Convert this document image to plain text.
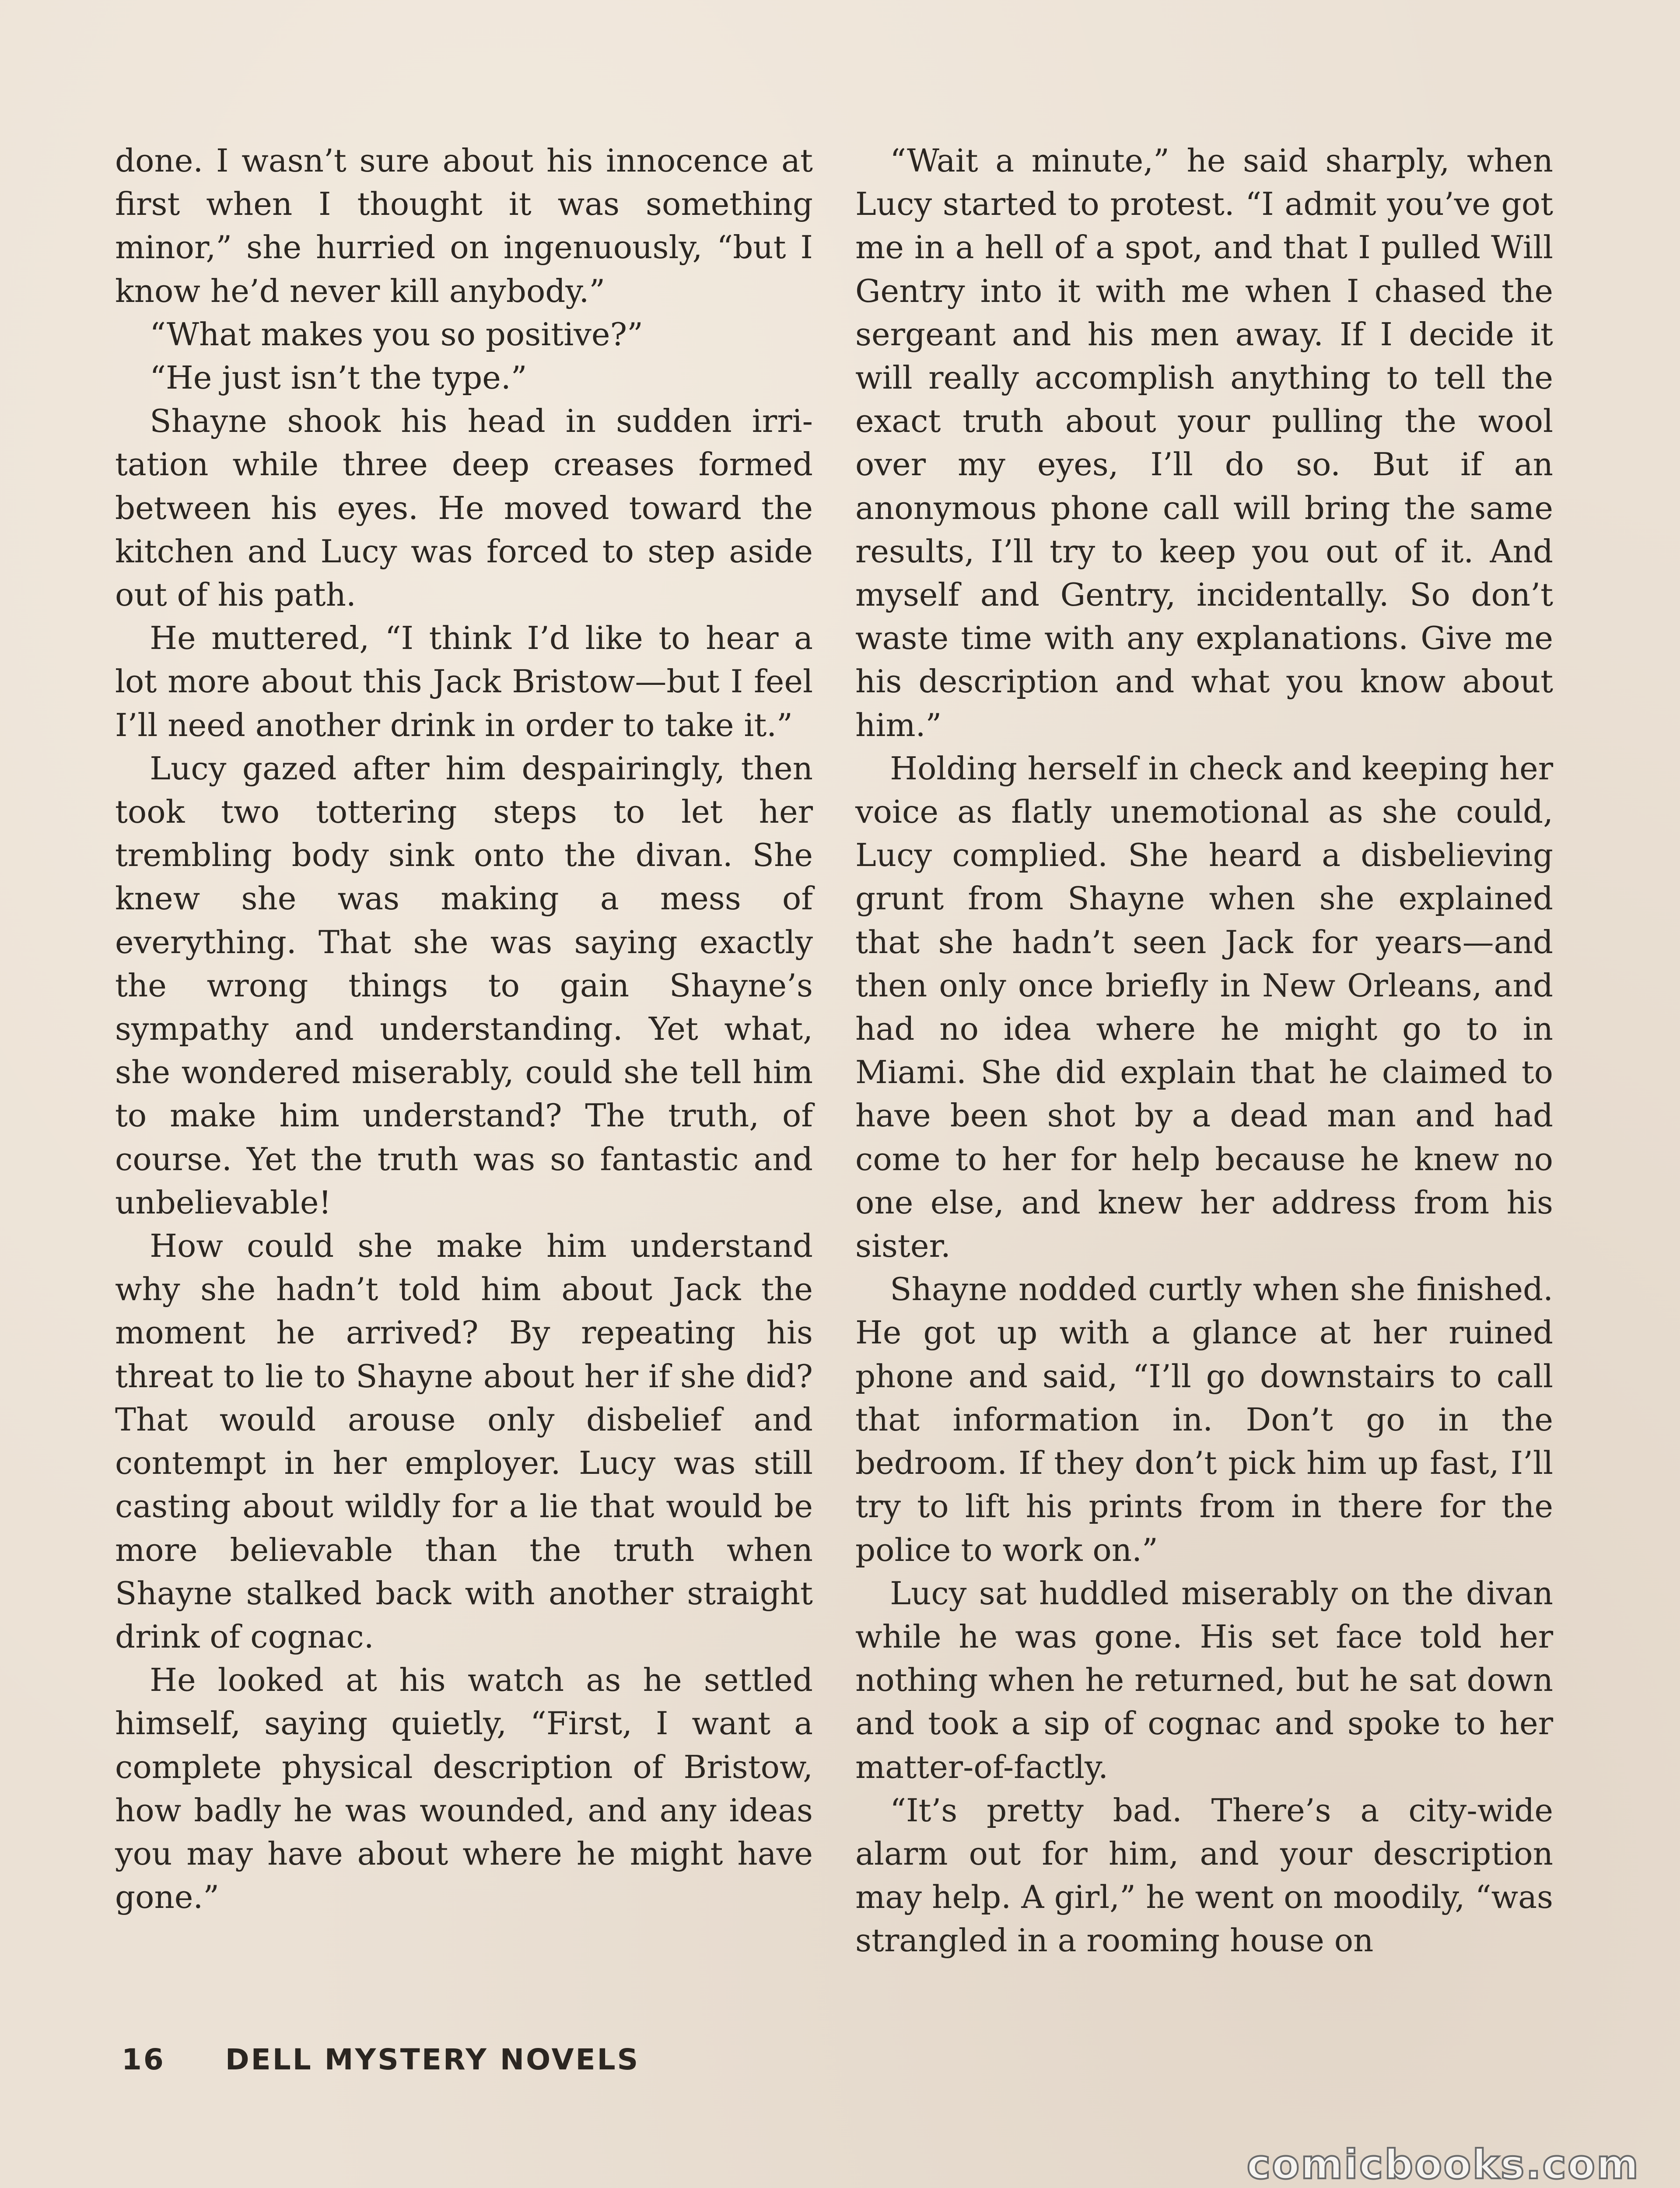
done. I wasn’t sure about his innocence at first when I thought it was something minor,” she hurried on ingenuously, “but I know he’d never kill anybody.”

“What makes you so positive?”

“He just isn’t the type.”

Shayne shook his head in sudden irritation while three deep creases formed between his eyes. He moved toward the kitchen and Lucy was forced to step aside out of his path.

He muttered, “I think I’d like to hear a lot more about this Jack Bristow—but I feel I’ll need another drink in order to take it.”

Lucy gazed after him despairingly, then took two tottering steps to let her trembling body sink onto the divan. She knew she was making a mess of everything. That she was saying exactly the wrong things to gain Shayne’s sympathy and understanding. Yet what, she wondered miserably, could she tell him to make him understand? The truth, of course. Yet the truth was so fantastic and unbelievable!

How could she make him understand why she hadn’t told him about Jack the moment he arrived? By repeating his threat to lie to Shayne about her if she did? That would arouse only disbelief and contempt in her employer. Lucy was still casting about wildly for a lie that would be more believable than the truth when Shayne stalked back with another straight drink of cognac.

He looked at his watch as he settled himself, saying quietly, “First, I want a complete physical description of Bristow, how badly he was wounded, and any ideas you may have about where he might have gone.”

“Wait a minute,” he said sharply, when Lucy started to protest. “I admit you’ve got me in a hell of a spot, and that I pulled Will Gentry into it with me when I chased the sergeant and his men away. If I decide it will really accomplish anything to tell the exact truth about your pulling the wool over my eyes, I’ll do so. But if an anonymous phone call will bring the same results, I’ll try to keep you out of it. And myself and Gentry, incidentally. So don’t waste time with any explanations. Give me his description and what you know about him.”

Holding herself in check and keeping her voice as flatly unemotional as she could, Lucy complied. She heard a disbelieving grunt from Shayne when she explained that she hadn’t seen Jack for years—and then only once briefly in New Orleans, and had no idea where he might go to in Miami. She did explain that he claimed to have been shot by a dead man and had come to her for help because he knew no one else, and knew her address from his sister.

Shayne nodded curtly when she finished. He got up with a glance at her ruined phone and said, “I’ll go downstairs to call that information in. Don’t go in the bedroom. If they don’t pick him up fast, I’ll try to lift his prints from in there for the police to work on.”

Lucy sat huddled miserably on the divan while he was gone. His set face told her nothing when he returned, but he sat down and took a sip of cognac and spoke to her matter-of-factly.

“It’s pretty bad. There’s a city-wide alarm out for him, and your description may help. A girl,” he went on moodily, “was strangled in a rooming house on

16 DELL MYSTERY NOVELS
comicbooks.com
